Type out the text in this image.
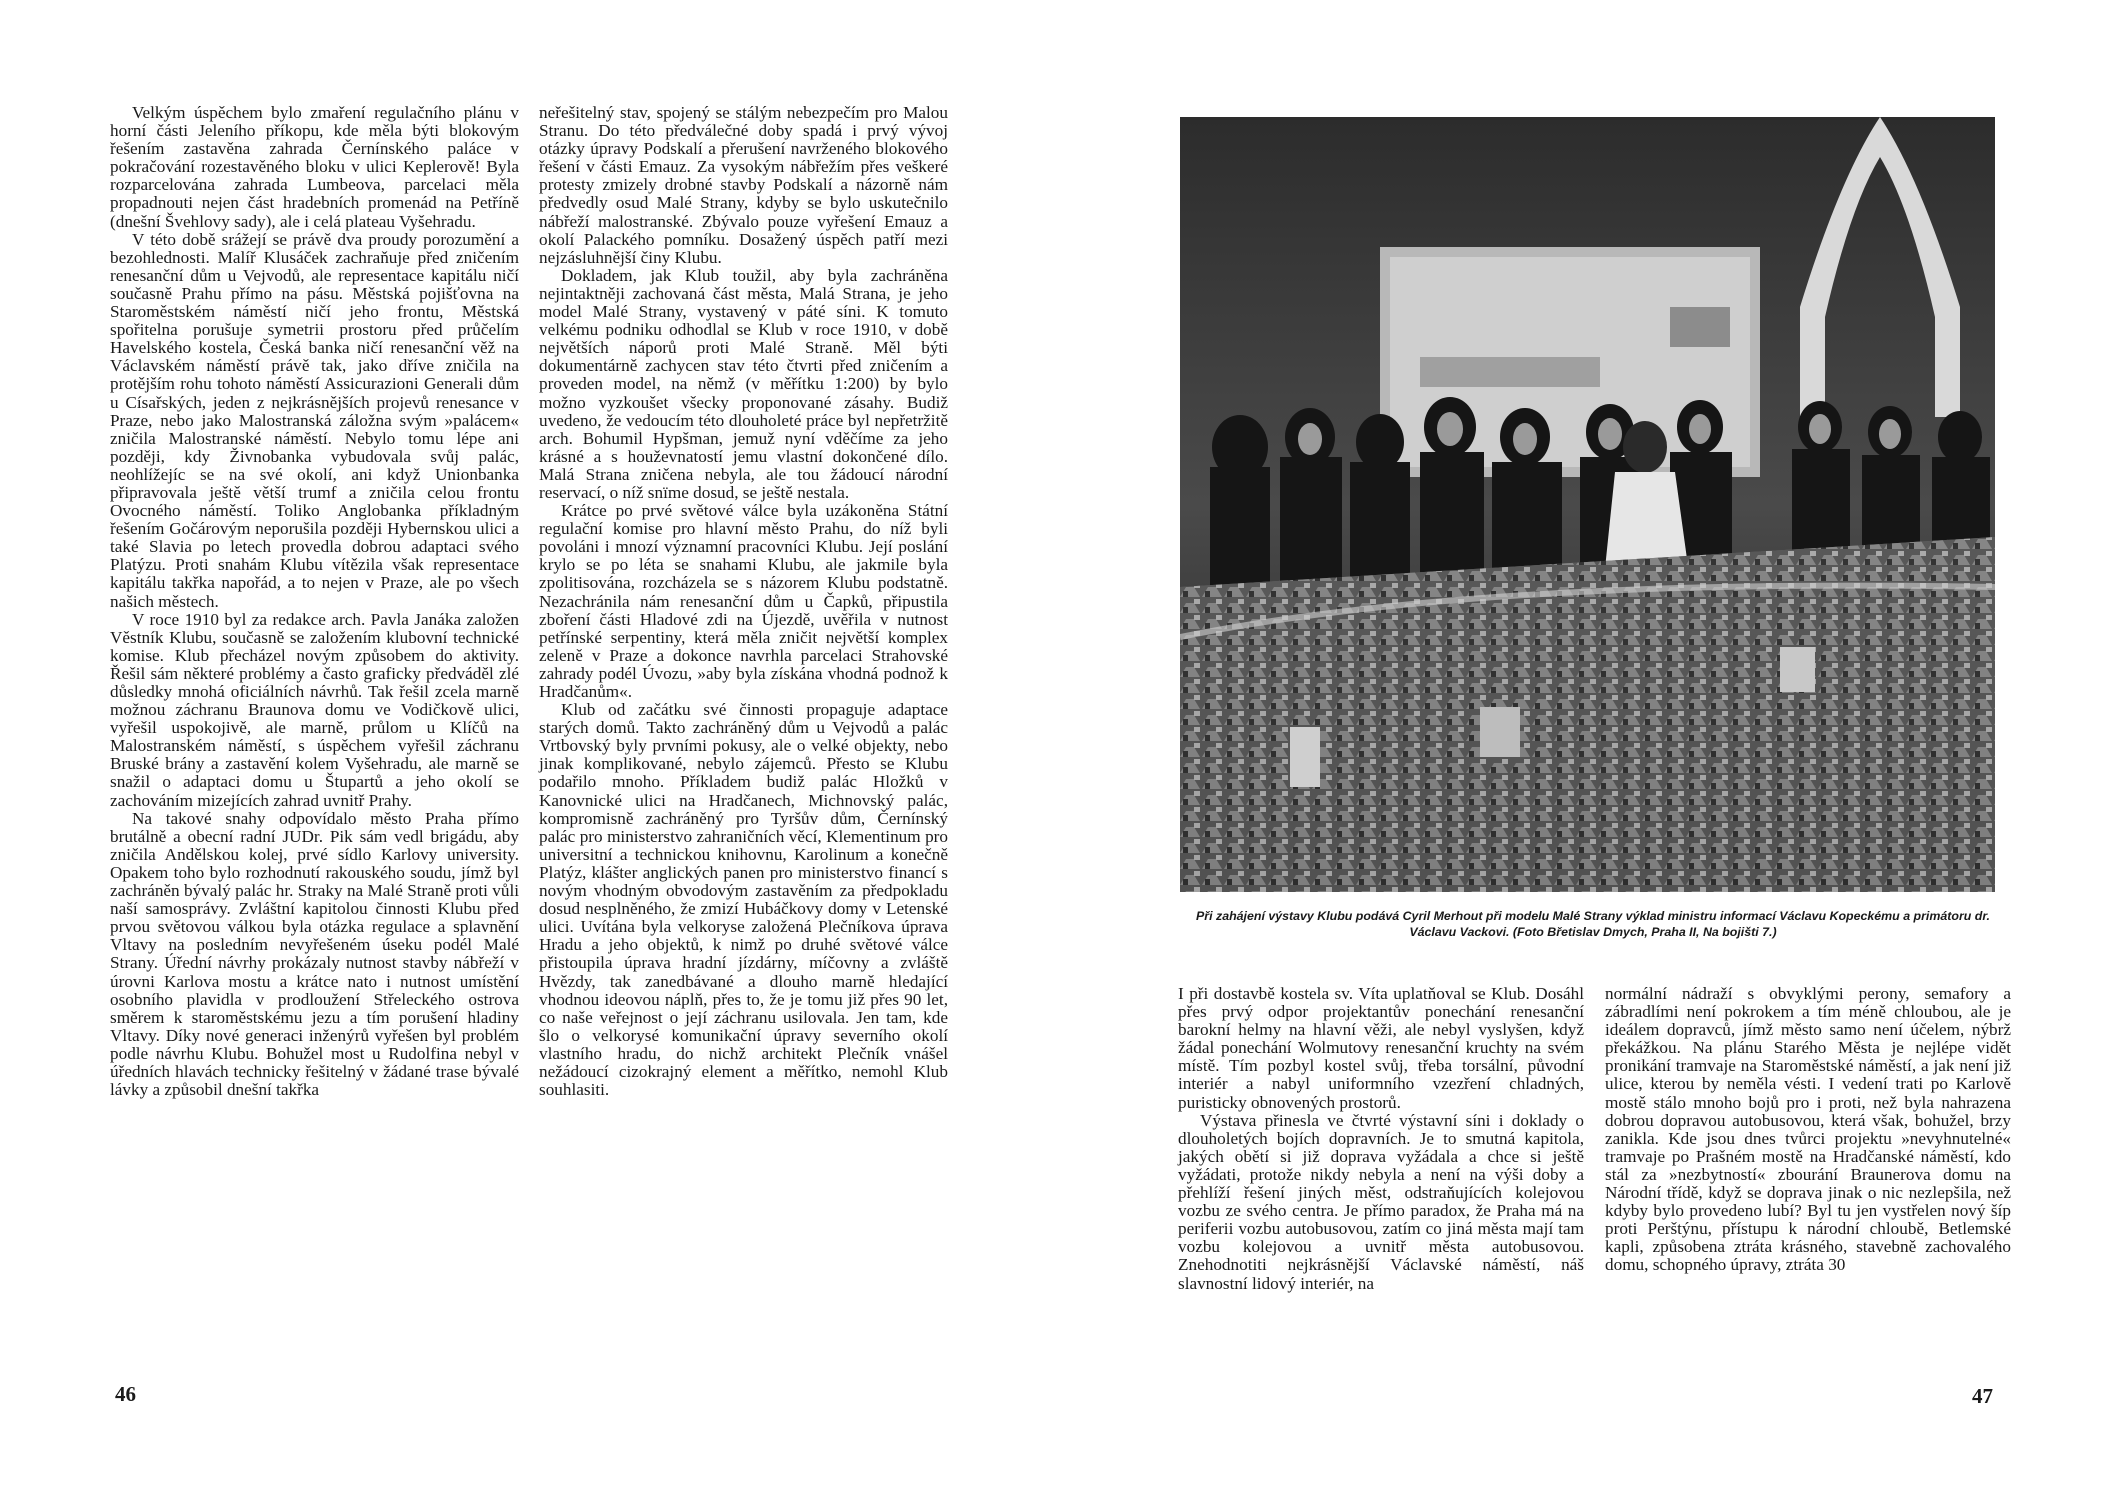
Velkým úspěchem bylo zmaření regulačního plánu v horní části Jeleního příkopu, kde měla býti blokovým řešením zastavěna zahrada Černínského paláce v pokračování rozestavěného bloku v ulici Keplerově! Byla rozparcelována zahrada Lumbeova, parcelaci měla propadnouti nejen část hradebních promenád na Petříně (dnešní Švehlovy sady), ale i celá plateau Vyšehradu.

V této době srážejí se právě dva proudy porozumění a bezohlednosti. Malíř Klusáček zachraňuje před zničením renesanční dům u Vejvodů, ale representace kapitálu ničí současně Prahu přímo na pásu. Městská pojišťovna na Staroměstském náměstí ničí jeho frontu, Městská spořitelna porušuje symetrii prostoru před průčelím Havelského kostela, Česká banka ničí renesanční věž na Václavském náměstí právě tak, jako dříve zničila na protějším rohu tohoto náměstí Assicurazioni Generali dům u Císařských, jeden z nejkrásnějších projevů renesance v Praze, nebo jako Malostranská záložna svým »palácem« zničila Malostranské náměstí. Nebylo tomu lépe ani později, kdy Živnobanka vybudovala svůj palác, neohlížejíc se na své okolí, ani když Unionbanka připravovala ještě větší trumf a zničila celou frontu Ovocného náměstí. Toliko Anglobanka příkladným řešením Gočárovým neporušila později Hybernskou ulici a také Slavia po letech provedla dobrou adaptaci svého Platýzu. Proti snahám Klubu vítězila však representace kapitálu takřka napořád, a to nejen v Praze, ale po všech našich městech.

V roce 1910 byl za redakce arch. Pavla Janáka založen Věstník Klubu, současně se založením klubovní technické komise. Klub přecházel novým způsobem do aktivity. Řešil sám některé problémy a často graficky předváděl zlé důsledky mnohá oficiálních návrhů. Tak řešil zcela marně možnou záchranu Braunova domu ve Vodičkově ulici, vyřešil uspokojivě, ale marně, průlom u Klíčů na Malostranském náměstí, s úspěchem vyřešil záchranu Bruské brány a zastavění kolem Vyšehradu, ale marně se snažil o adaptaci domu u Štupartů a jeho okolí se zachováním mizejících zahrad uvnitř Prahy.

Na takové snahy odpovídalo město Praha přímo brutálně a obecní radní JUDr. Pik sám vedl brigádu, aby zničila Andělskou kolej, prvé sídlo Karlovy university. Opakem toho bylo rozhodnutí rakouského soudu, jímž byl zachráněn bývalý palác hr. Straky na Malé Straně proti vůli naší samosprávy. Zvláštní kapitolou činnosti Klubu před prvou světovou válkou byla otázka regulace a splavnění Vltavy na posledním nevyřešeném úseku podél Malé Strany. Úřední návrhy prokázaly nutnost stavby nábřeží v úrovni Karlova mostu a krátce nato i nutnost umístění osobního plavidla v prodloužení Střeleckého ostrova směrem k staroměstskému jezu a tím porušení hladiny Vltavy. Díky nové generaci inženýrů vyřešen byl problém podle návrhu Klubu. Bohužel most u Rudolfina nebyl v úředních hlavách technicky řešitelný v žádané trase bývalé lávky a způsobil dnešní takřka

neřešitelný stav, spojený se stálým nebezpečím pro Malou Stranu. Do této předválečné doby spadá i prvý vývoj otázky úpravy Podskalí a přerušení navrženého blokového řešení v části Emauz. Za vysokým nábřežím přes veškeré protesty zmizely drobné stavby Podskalí a názorně nám předvedly osud Malé Strany, kdyby se bylo uskutečnilo nábřeží malostranské. Zbývalo pouze vyřešení Emauz a okolí Palackého pomníku. Dosažený úspěch patří mezi nejzásluhnější činy Klubu.

Dokladem, jak Klub toužil, aby byla zachráněna nejintaktněji zachovaná část města, Malá Strana, je jeho model Malé Strany, vystavený v páté síni. K tomuto velkému podniku odhodlal se Klub v roce 1910, v době největších náporů proti Malé Straně. Měl býti dokumentárně zachycen stav této čtvrti před zničením a proveden model, na němž (v měřítku 1:200) by bylo možno vyzkoušet všecky proponované zásahy. Budiž uvedeno, že vedoucím této dlouholeté práce byl nepřetržitě arch. Bohumil Hypšman, jemuž nyní vděčíme za jeho krásné a s houževnatostí jemu vlastní dokončené dílo. Malá Strana zničena nebyla, ale tou žádoucí národní reservací, o níž snïme dosud, se ještě nestala.

Krátce po prvé světové válce byla uzákoněna Státní regulační komise pro hlavní město Prahu, do níž byli povoláni i mnozí významní pracovníci Klubu. Její poslání krylo se po léta se snahami Klubu, ale jakmile byla zpolitisována, rozcházela se s názorem Klubu podstatně. Nezachránila nám renesanční dům u Čapků, připustila zboření části Hladové zdi na Újezdě, uvěřila v nutnost petřínské serpentiny, která měla zničit největší komplex zeleně v Praze a dokonce navrhla parcelaci Strahovské zahrady podél Úvozu, »aby byla získána vhodná podnož k Hradčanům«.

Klub od začátku své činnosti propaguje adaptace starých domů. Takto zachráněný dům u Vejvodů a palác Vrtbovský byly prvními pokusy, ale o velké objekty, nebo jinak komplikované, nebylo zájemců. Přesto se Klubu podařilo mnoho. Příkladem budiž palác Hložků v Kanovnické ulici na Hradčanech, Michnovský palác, kompromisně zachráněný pro Tyršův dům, Černínský palác pro ministerstvo zahraničních věcí, Klementinum pro universitní a technickou knihovnu, Karolinum a konečně Platýz, klášter anglických panen pro ministerstvo financí s novým vhodným obvodovým zastavěním za předpokladu dosud nesplněného, že zmizí Hubáčkovy domy v Letenské ulici. Uvítána byla velkoryse založená Plečníkova úprava Hradu a jeho objektů, k nimž po druhé světové válce přistoupila úprava hradní jízdárny, míčovny a zvláště Hvězdy, tak zanedbávané a dlouho marně hledající vhodnou ideovou náplň, přes to, že je tomu již přes 90 let, co naše veřejnost o její záchranu usilovala. Jen tam, kde šlo o velkorysé komunikační úpravy severního okolí vlastního hradu, do nichž architekt Plečník vnášel nežádoucí cizokrajný element a měřítko, nemohl Klub souhlasiti.

46
Při zahájení výstavy Klubu podává Cyril Merhout při modelu Malé Strany výklad ministru informací Václavu Kopeckému a primátoru dr. Václavu Vackovi. (Foto Břetislav Dmych, Praha II, Na bojišti 7.)

I při dostavbě kostela sv. Víta uplatňoval se Klub. Dosáhl přes prvý odpor projektantův ponechání renesanční barokní helmy na hlavní věži, ale nebyl vyslyšen, když žádal ponechání Wolmutovy renesanční kruchty na svém místě. Tím pozbyl kostel svůj, třeba torsální, původní interiér a nabyl uniformního vzezření chladných, puristicky obnovených prostorů.

Výstava přinesla ve čtvrté výstavní síni i doklady o dlouholetých bojích dopravních. Je to smutná kapitola, jakých obětí si již doprava vyžádala a chce si ještě vyžádati, protože nikdy nebyla a není na výši doby a přehlíží řešení jiných měst, odstraňujících kolejovou vozbu ze svého centra. Je přímo paradox, že Praha má na periferii vozbu autobusovou, zatím co jiná města mají tam vozbu kolejovou a uvnitř města autobusovou. Znehodnotiti nejkrásnější Václavské náměstí, náš slavnostní lidový interiér, na

normální nádraží s obvyklými perony, semafory a zábradlími není pokrokem a tím méně chloubou, ale je ideálem dopravců, jímž město samo není účelem, nýbrž překážkou. Na plánu Starého Města je nejlépe vidět pronikání tramvaje na Staroměstské náměstí, a jak není již ulice, kterou by neměla vésti. I vedení trati po Karlově mostě stálo mnoho bojů pro i proti, než byla nahrazena dobrou dopravou autobusovou, která však, bohužel, brzy zanikla. Kde jsou dnes tvůrci projektu »nevyhnutelné« tramvaje po Prašném mostě na Hradčanské náměstí, kdo stál za »nezbytností« zbourání Braunerova domu na Národní třídě, když se doprava jinak o nic nezlepšila, než kdyby bylo provedeno lubí? Byl tu jen vystřelen nový šíp proti Perštýnu, přístupu k národní chloubě, Betlemské kapli, způsobena ztráta krásného, stavebně zachovalého domu, schopného úpravy, ztráta 30

47
